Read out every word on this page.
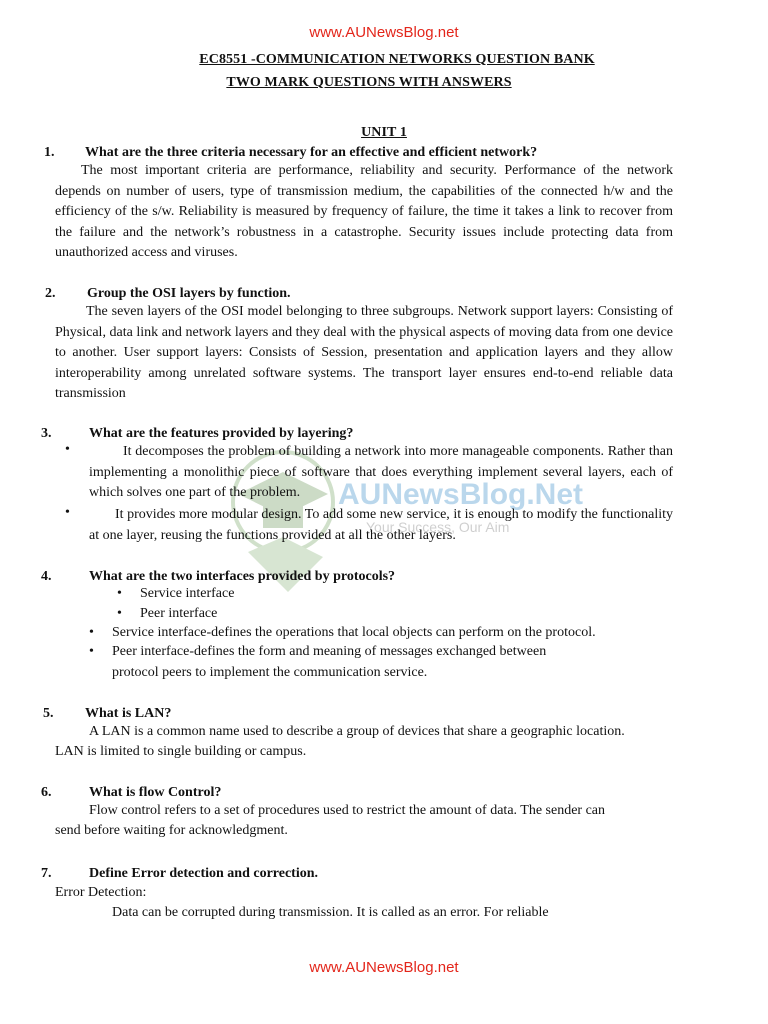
www.AUNewsBlog.net
EC8551 -COMMUNICATION NETWORKS QUESTION BANK
TWO MARK QUESTIONS WITH ANSWERS
UNIT 1
AUNewsBlog.Net
Your Success, Our Aim
1. What are the three criteria necessary for an effective and efficient network?
The most important criteria are performance, reliability and security. Performance of the network depends on number of users, type of transmission medium, the capabilities of the connected h/w and the efficiency of the s/w. Reliability is measured by frequency of failure, the time it takes a link to recover from the failure and the network’s robustness in a catastrophe. Security issues include protecting data from unauthorized access and viruses.
2. Group the OSI layers by function.
The seven layers of the OSI model belonging to three subgroups. Network support layers: Consisting of Physical, data link and network layers and they deal with the physical aspects of moving data from one device to another. User support layers: Consists of Session, presentation and application layers and they allow interoperability among unrelated software systems. The transport layer ensures end-to-end reliable data transmission
3.	What are the features provided by layering?
•	It decomposes the problem of building a network into more manageable components. Rather than implementing a monolithic piece of software that does everything implement several layers, each of which solves one part of the problem.
•	It provides more modular design. To add some new service, it is enough to modify the functionality at one layer, reusing the functions provided at all the other layers.
4.	What are the two interfaces provided by protocols?
• Service interface
• Peer interface
• Service interface-defines the operations that local objects can perform on the protocol.
• Peer interface-defines the form and meaning of messages exchanged between
protocol peers to implement the communication service.
5. What is LAN?
A LAN is a common name used to describe a group of devices that share a geographic location.
LAN is limited to single building or campus.
6.	What is flow Control?
Flow control refers to a set of procedures used to restrict the amount of data. The sender can
send before waiting for acknowledgment.
7.	Define Error detection and correction.
Error Detection:
Data can be corrupted during transmission. It is called as an error. For reliable
www.AUNewsBlog.net
